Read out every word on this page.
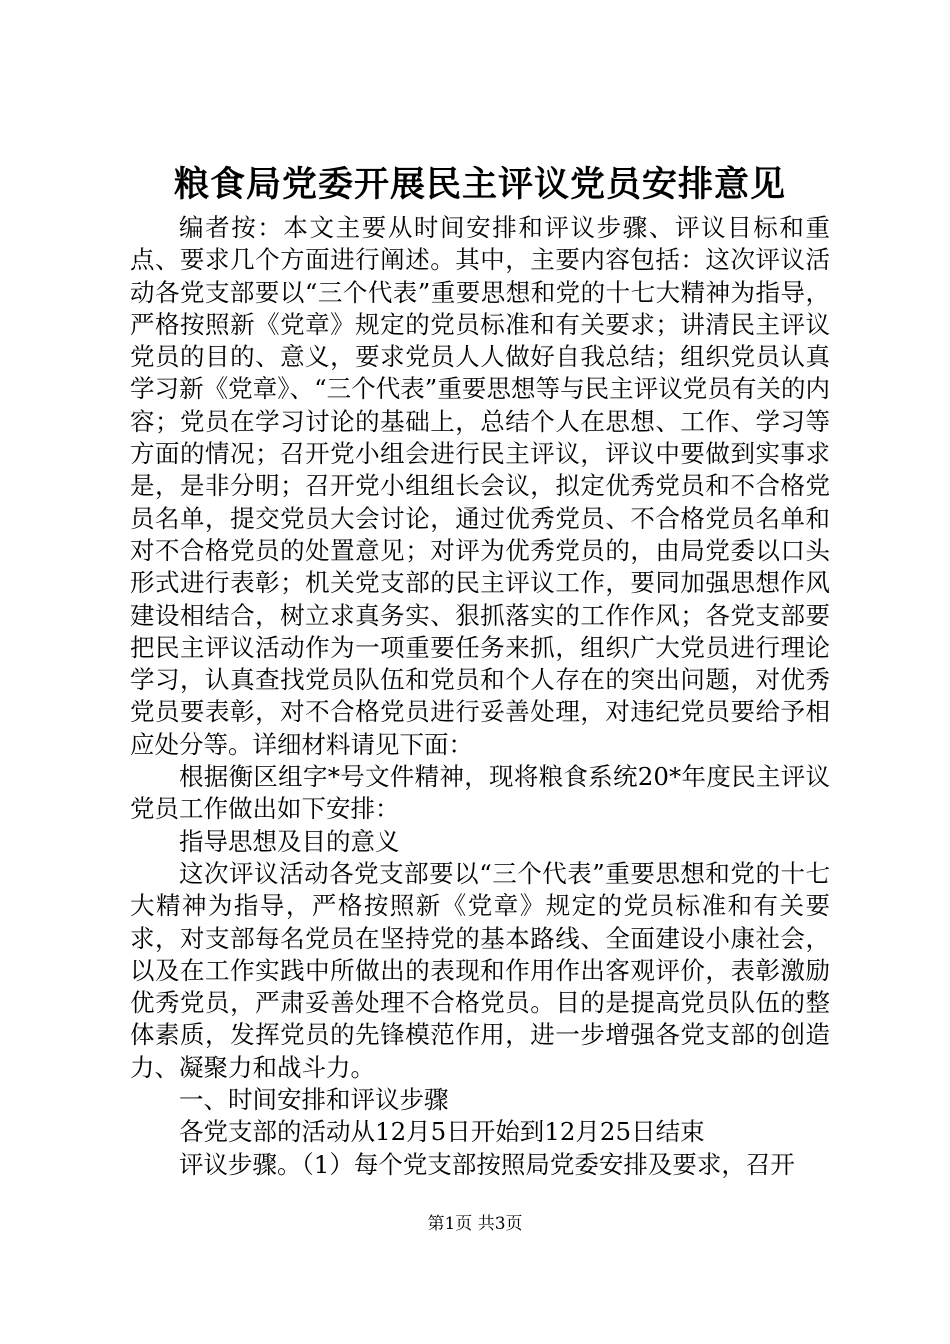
粮食局党委开展民主评议党员安排意见

编者按：本文主要从时间安排和评议步骤、评议目标和重点、要求几个方面进行阐述。其中，主要内容包括：这次评议活动各党支部要以“三个代表”重要思想和党的十七大精神为指导，严格按照新《党章》规定的党员标准和有关要求；讲清民主评议党员的目的、意义，要求党员人人做好自我总结；组织党员认真学习新《党章》、“三个代表”重要思想等与民主评议党员有关的内容；党员在学习讨论的基础上，总结个人在思想、工作、学习等方面的情况；召开党小组会进行民主评议，评议中要做到实事求是，是非分明；召开党小组组长会议，拟定优秀党员和不合格党员名单，提交党员大会讨论，通过优秀党员、不合格党员名单和对不合格党员的处置意见；对评为优秀党员的，由局党委以口头形式进行表彰；机关党支部的民主评议工作，要同加强思想作风建设相结合，树立求真务实、狠抓落实的工作作风；各党支部要把民主评议活动作为一项重要任务来抓，组织广大党员进行理论学习，认真查找党员队伍和党员和个人存在的突出问题，对优秀党员要表彰，对不合格党员进行妥善处理，对违纪党员要给予相应处分等。详细材料请见下面：

根据衡区组字*号文件精神，现将粮食系统20*年度民主评议党员工作做出如下安排：

指导思想及目的意义

这次评议活动各党支部要以“三个代表”重要思想和党的十七大精神为指导，严格按照新《党章》规定的党员标准和有关要求，对支部每名党员在坚持党的基本路线、全面建设小康社会，以及在工作实践中所做出的表现和作用作出客观评价，表彰激励优秀党员，严肃妥善处理不合格党员。目的是提高党员队伍的整体素质，发挥党员的先锋模范作用，进一步增强各党支部的创造力、凝聚力和战斗力。

一、时间安排和评议步骤

各党支部的活动从12月5日开始到12月25日结束

评议步骤。（1）每个党支部按照局党委安排及要求，召开

第1页 共3页
